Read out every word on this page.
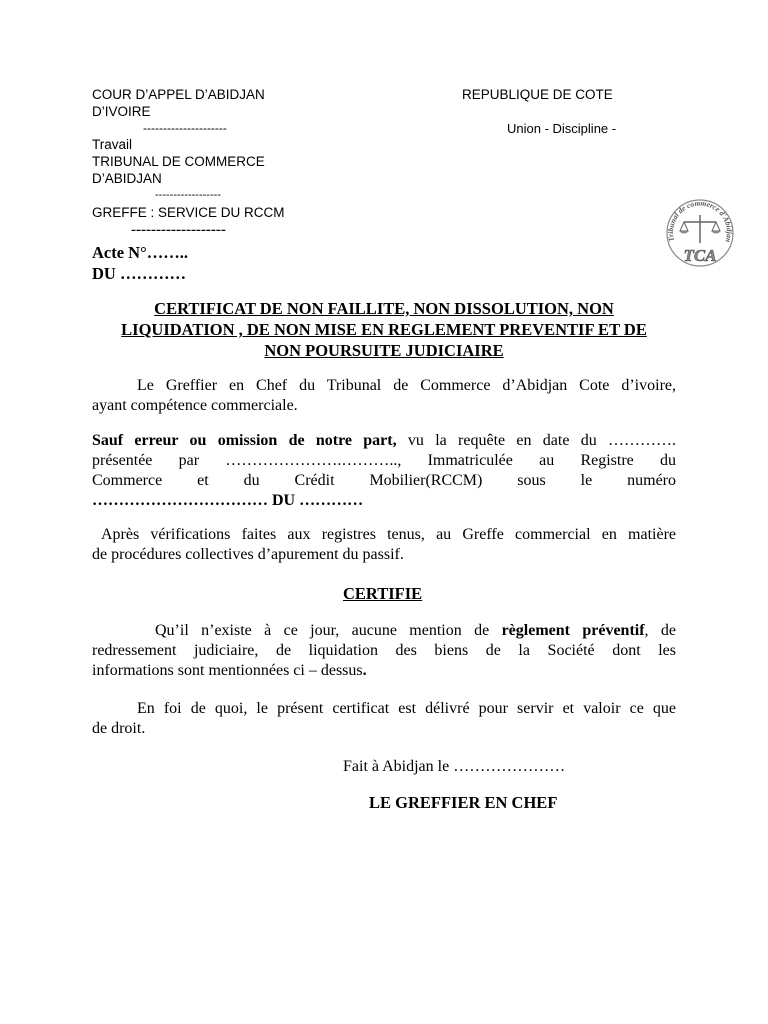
COUR D’APPEL D’ABIDJAN
D’IVOIRE
---------------------
Travail
TRIBUNAL DE COMMERCE
D’ABIDJAN
------------------
GREFFE : SERVICE DU RCCM
-------------------
REPUBLIQUE DE COTE
Union - Discipline -
Tribunal de commerce d'Abidjan
TCA
Acte N°……..
DU …………
CERTIFICAT DE NON FAILLITE, NON DISSOLUTION, NON
LIQUIDATION , DE NON MISE EN REGLEMENT PREVENTIF ET DE
NON POURSUITE JUDICIAIRE
Le Greffier en Chef du Tribunal de Commerce d’Abidjan Cote d’ivoire,
ayant compétence commerciale.
Sauf erreur ou omission de notre part, vu la requête en date du ………….
présentée par ………………….……….., Immatriculée au Registre du
Commerce et du Crédit Mobilier(RCCM) sous le numéro
…………………………… DU …………
Après vérifications faites aux registres tenus, au Greffe commercial en matière
de procédures collectives d’apurement du passif.
CERTIFIE
Qu’il n’existe à ce jour, aucune mention de règlement préventif, de
redressement judiciaire, de liquidation des biens de la Société dont les
informations sont mentionnées ci – dessus.
En foi de quoi, le présent certificat est délivré pour servir et valoir ce que
de droit.
Fait à Abidjan le …………………
LE GREFFIER EN CHEF
